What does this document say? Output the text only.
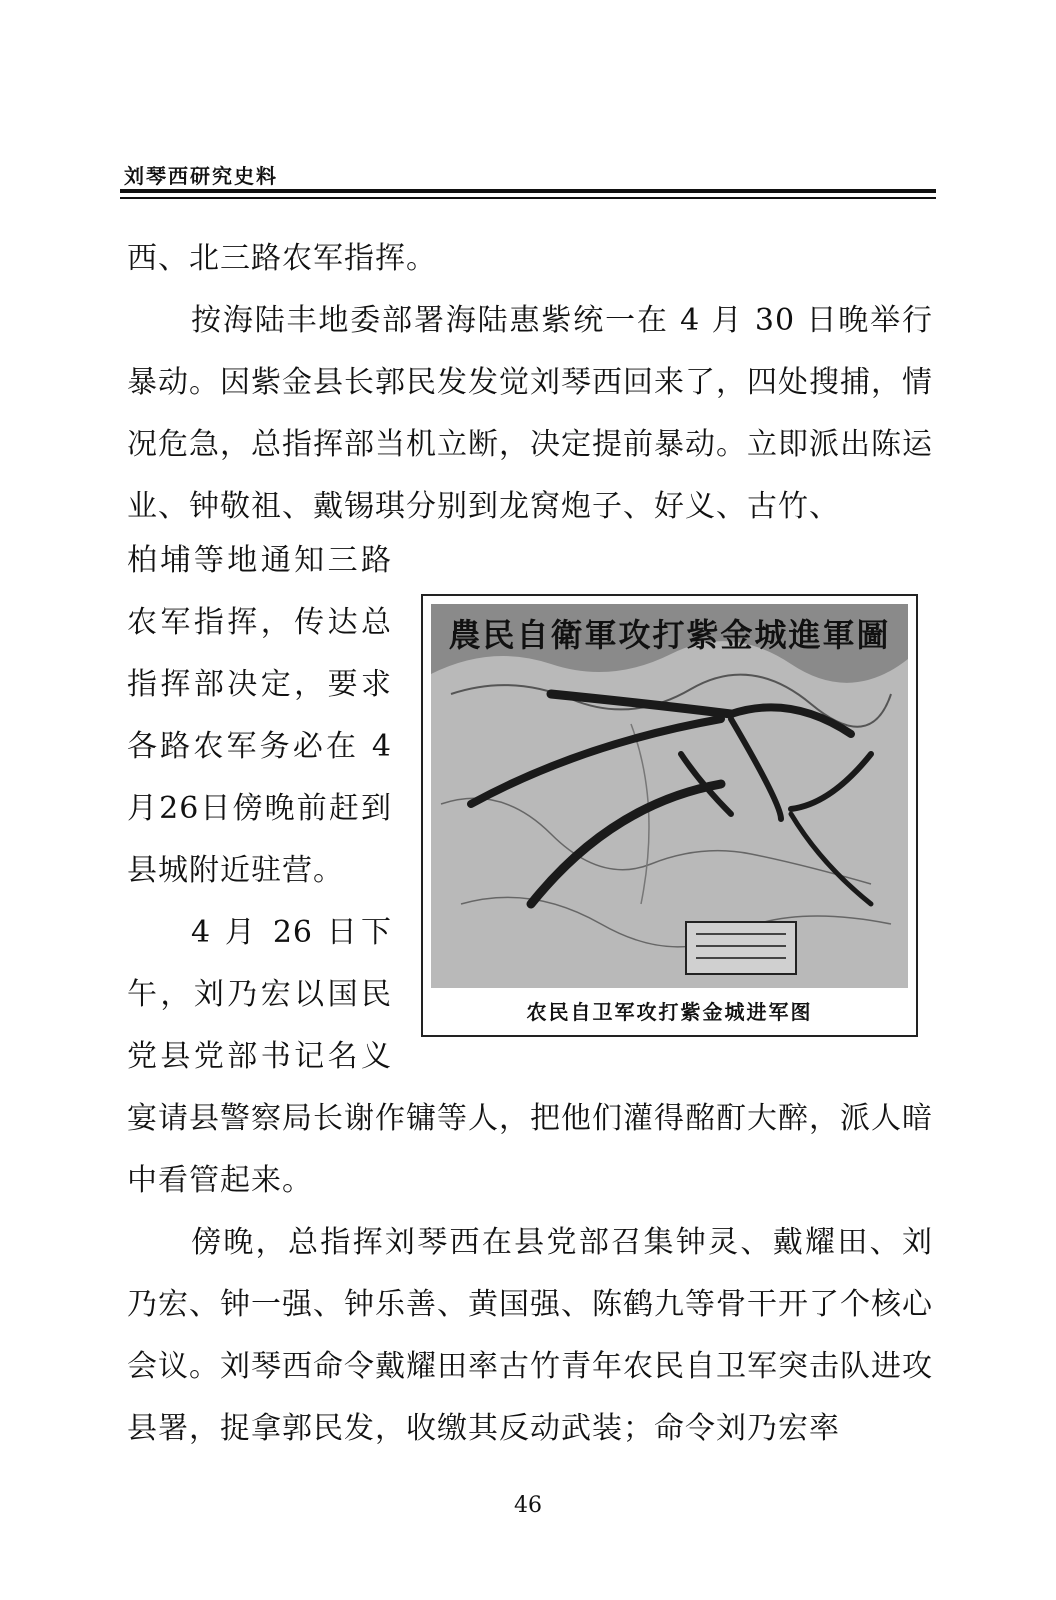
刘琴西研究史料

西、北三路农军指挥。

按海陆丰地委部署海陆惠紫统一在 4 月 30 日晚举行暴动。因紫金县长郭民发发觉刘琴西回来了，四处搜捕，情况危急，总指挥部当机立断，决定提前暴动。立即派出陈运业、钟敬祖、戴锡琪分别到龙窝炮子、好义、古竹、

柏埔等地通知三路

农军指挥，传达总

指挥部决定，要求

各路农军务必在 4

月26日傍晚前赶到

县城附近驻营。

4 月 26 日下

午，刘乃宏以国民

党县党部书记名义

宴请县警察局长谢作镛等人，把他们灌得酩酊大醉，派人暗中看管起来。

傍晚，总指挥刘琴西在县党部召集钟灵、戴耀田、刘乃宏、钟一强、钟乐善、黄国强、陈鹤九等骨干开了个核心会议。刘琴西命令戴耀田率古竹青年农民自卫军突击队进攻县署，捉拿郭民发，收缴其反动武装；命令刘乃宏率

農民自衛軍攻打紫金城進軍圖
农民自卫军攻打紫金城进军图
46
